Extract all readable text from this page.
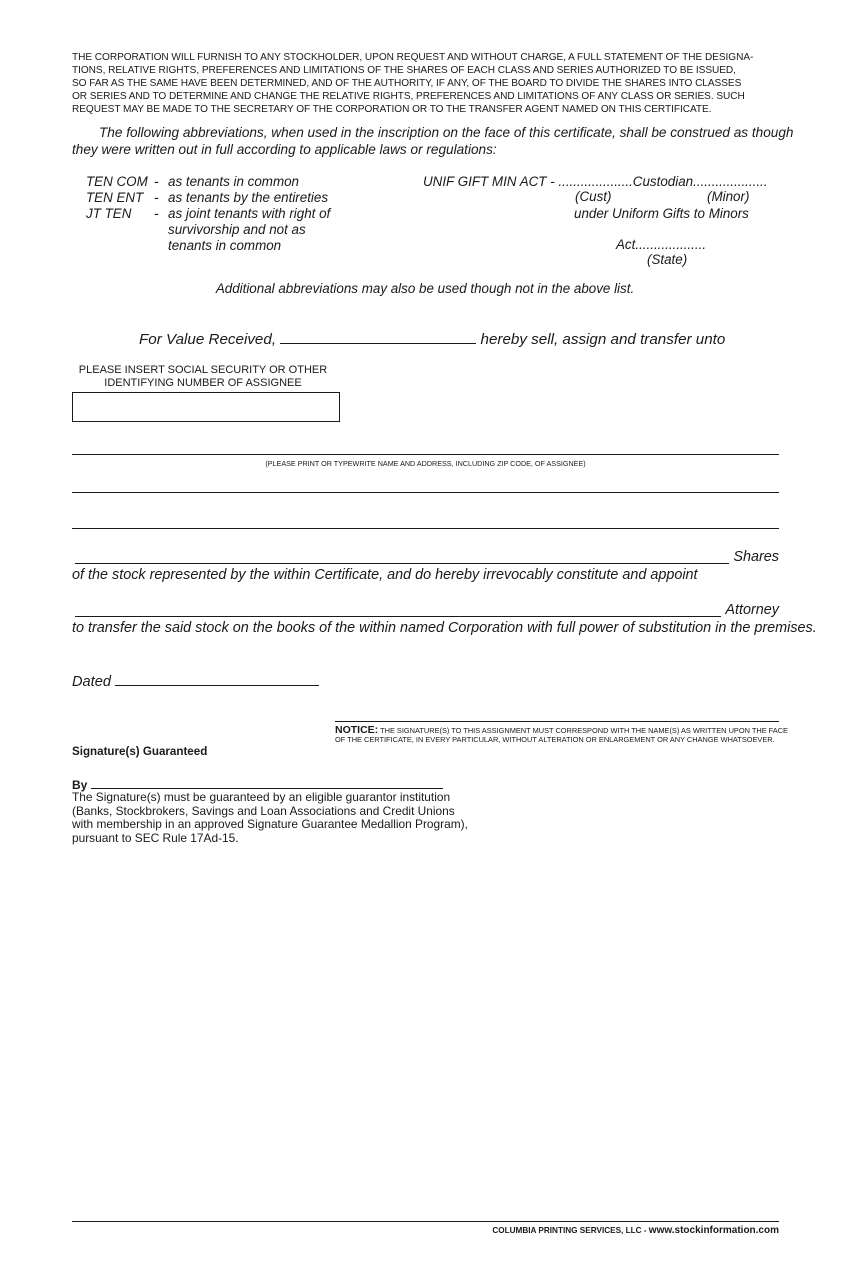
THE CORPORATION WILL FURNISH TO ANY STOCKHOLDER, UPON REQUEST AND WITHOUT CHARGE, A FULL STATEMENT OF THE DESIGNA-
TIONS, RELATIVE RIGHTS, PREFERENCES AND LIMITATIONS OF THE SHARES OF EACH CLASS AND SERIES AUTHORIZED TO BE ISSUED,
SO FAR AS THE SAME HAVE BEEN DETERMINED, AND OF THE AUTHORITY, IF ANY, OF THE BOARD TO DIVIDE THE SHARES INTO CLASSES
OR SERIES AND TO DETERMINE AND CHANGE THE RELATIVE RIGHTS, PREFERENCES AND LIMITATIONS OF ANY CLASS OR SERIES. SUCH
REQUEST MAY BE MADE TO THE SECRETARY OF THE CORPORATION OR TO THE TRANSFER AGENT NAMED ON THIS CERTIFICATE.
The following abbreviations, when used in the inscription on the face of this certificate, shall be construed as though
they were written out in full according to applicable laws or regulations:
TEN COM - as tenants in common
TEN ENT - as tenants by the entireties
JT TEN - as joint tenants with right of
survivorship and not as
tenants in common
UNIF GIFT MIN ACT - ....................Custodian....................
(Cust)	(Minor)
under Uniform Gifts to Minors
Act...................
(State)
Additional abbreviations may also be used though not in the above list.
For Value Received,	hereby sell, assign and transfer unto
PLEASE INSERT SOCIAL SECURITY OR OTHER
IDENTIFYING NUMBER OF ASSIGNEE
(PLEASE PRINT OR TYPEWRITE NAME AND ADDRESS, INCLUDING ZIP CODE, OF ASSIGNEE)
Shares
of the stock represented by the within Certificate, and do hereby irrevocably constitute and appoint
Attorney
to transfer the said stock on the books of the within named Corporation with full power of substitution in the premises.
Dated
NOTICE: THE SIGNATURE(S) TO THIS ASSIGNMENT MUST CORRESPOND WITH THE NAME(S) AS WRITTEN UPON THE FACE
OF THE CERTIFICATE, IN EVERY PARTICULAR, WITHOUT ALTERATION OR ENLARGEMENT OR ANY CHANGE WHATSOEVER.
Signature(s) Guaranteed
By
The Signature(s) must be guaranteed by an eligible guarantor institution
(Banks, Stockbrokers, Savings and Loan Associations and Credit Unions
with membership in an approved Signature Guarantee Medallion Program),
pursuant to SEC Rule 17Ad-15.
COLUMBIA PRINTING SERVICES, LLC - www.stockinformation.com
